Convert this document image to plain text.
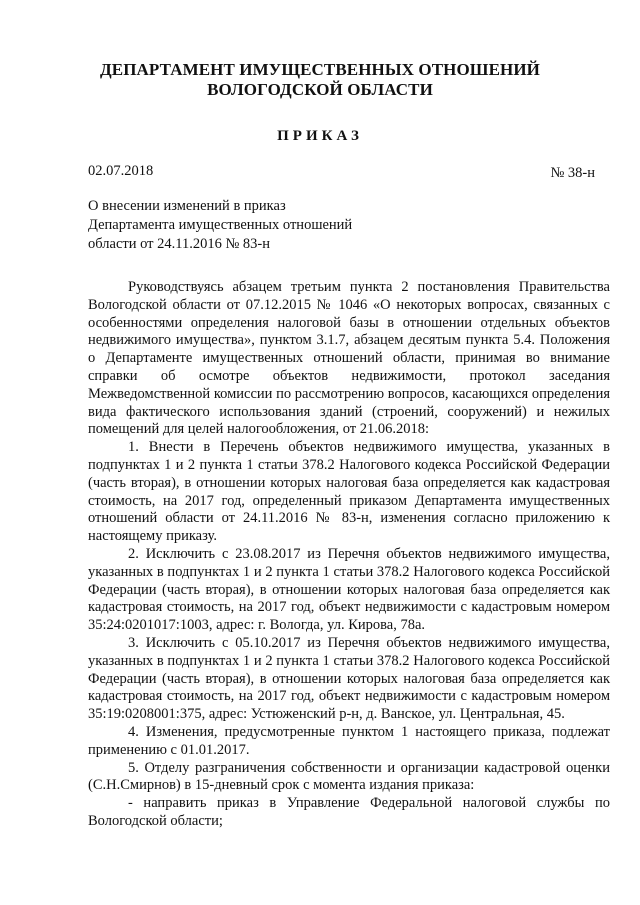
ДЕПАРТАМЕНТ ИМУЩЕСТВЕННЫХ ОТНОШЕНИЙ
ВОЛОГОДСКОЙ ОБЛАСТИ
ПРИКАЗ
02.07.2018	№ 38-н
О внесении изменений в приказ
Департамента имущественных отношений
области от 24.11.2016 № 83-н

Руководствуясь абзацем третьим пункта 2 постановления Правительства Вологодской области от 07.12.2015 № 1046 «О некоторых вопросах, связанных с особенностями определения налоговой базы в отношении отдельных объектов недвижимого имущества», пунктом 3.1.7, абзацем десятым пункта 5.4. Положения о Департаменте имущественных отношений области, принимая во внимание справки об осмотре объектов недвижимости, протокол заседания Межведомственной комиссии по рассмотрению вопросов, касающихся определения вида фактического использования зданий (строений, сооружений) и нежилых помещений для целей налогообложения, от 21.06.2018:

1. Внести в Перечень объектов недвижимого имущества, указанных в подпунктах 1 и 2 пункта 1 статьи 378.2 Налогового кодекса Российской Федерации (часть вторая), в отношении которых налоговая база определяется как кадастровая стоимость, на 2017 год, определенный приказом Департамента имущественных отношений области от 24.11.2016 № 83-н, изменения согласно приложению к настоящему приказу.

2. Исключить с 23.08.2017 из Перечня объектов недвижимого имущества, указанных в подпунктах 1 и 2 пункта 1 статьи 378.2 Налогового кодекса Российской Федерации (часть вторая), в отношении которых налоговая база определяется как кадастровая стоимость, на 2017 год, объект недвижимости с кадастровым номером 35:24:0201017:1003, адрес: г. Вологда, ул. Кирова, 78а.

3. Исключить с 05.10.2017 из Перечня объектов недвижимого имущества, указанных в подпунктах 1 и 2 пункта 1 статьи 378.2 Налогового кодекса Российской Федерации (часть вторая), в отношении которых налоговая база определяется как кадастровая стоимость, на 2017 год, объект недвижимости с кадастровым номером 35:19:0208001:375, адрес: Устюженский р-н, д. Ванское, ул. Центральная, 45.

4. Изменения, предусмотренные пунктом 1 настоящего приказа, подлежат применению с 01.01.2017.

5. Отделу разграничения собственности и организации кадастровой оценки (С.Н.Смирнов) в 15-дневный срок с момента издания приказа:

- направить приказ в Управление Федеральной налоговой службы по Вологодской области;
